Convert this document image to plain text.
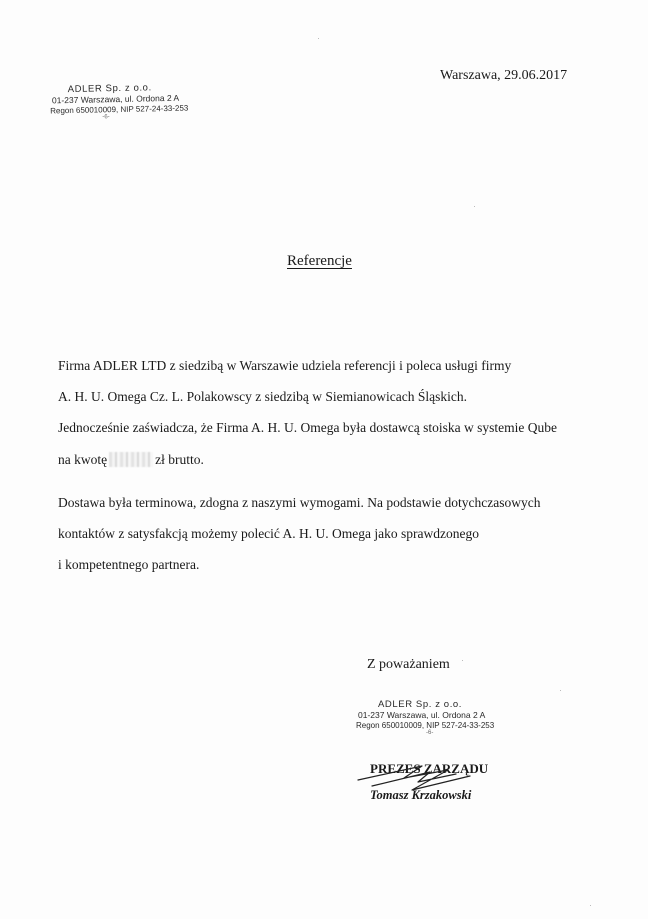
Warszawa, 29.06.2017
ADLER Sp. z o.o.
01-237 Warszawa, ul. Ordona 2 A
Regon 650010009, NIP 527-24-33-253
-6-
Referencje
Firma ADLER LTD z siedzibą w Warszawie udziela referencji i poleca usługi firmy
A. H. U. Omega Cz. L. Polakowscy z siedzibą w Siemianowicach Śląskich.
Jednocześnie zaświadcza, że Firma A. H. U. Omega była dostawcą stoiska w systemie Qube
na kwotę	zł brutto.
Dostawa była terminowa, zdogna z naszymi wymogami. Na podstawie dotychczasowych
kontaktów z satysfakcją możemy polecić A. H. U. Omega jako sprawdzonego
i kompetentnego partnera.
Z poważaniem
ADLER Sp. z o.o.
01-237 Warszawa, ul. Ordona 2 A
Regon 650010009, NIP 527-24-33-253
-6-
PREZES ZARZĄDU
Tomasz Krzakowski
